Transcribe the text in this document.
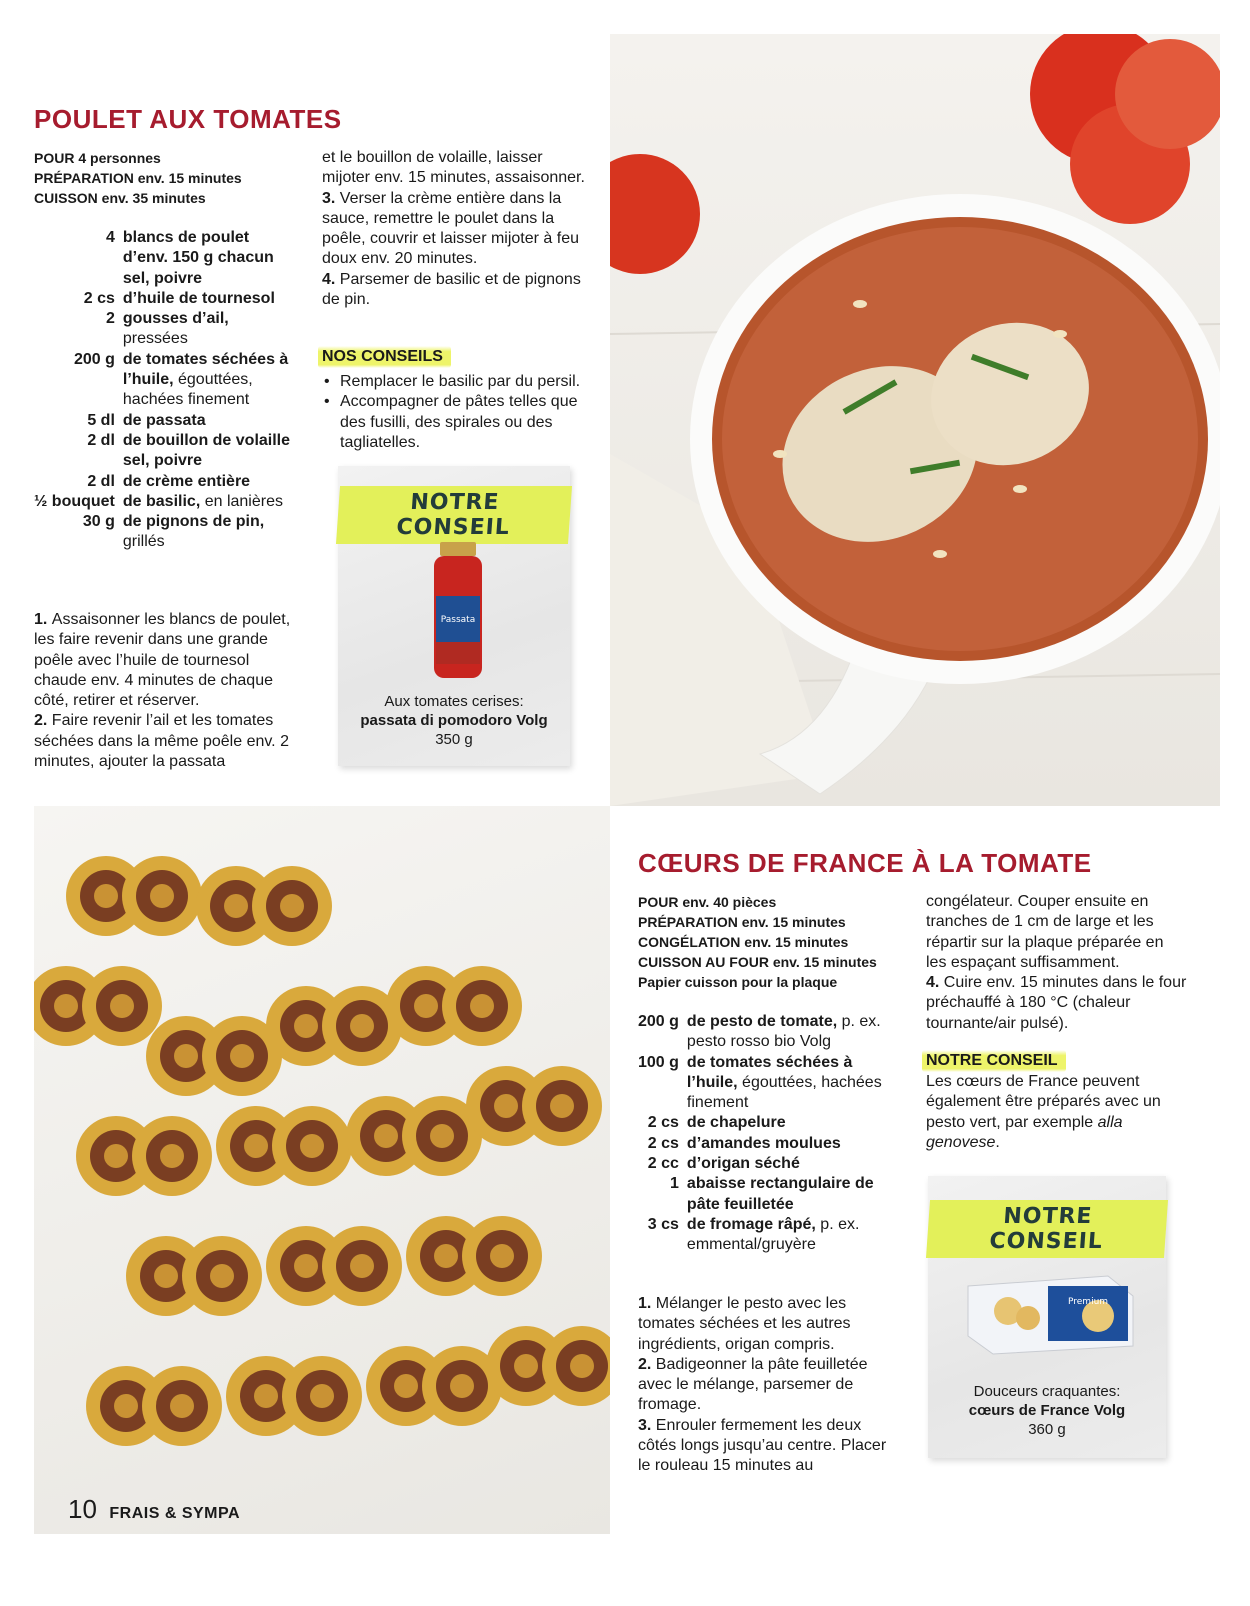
POULET AUX TOMATES
POUR 4 personnes
PRÉPARATION env. 15 minutes
CUISSON env. 35 minutes
4	blancs de poulet d’env. 150 g chacun
	sel, poivre
2 cs	d’huile de tournesol
2	gousses d’ail, pressées
200 g	de tomates séchées à l’huile, égouttées, hachées finement
5 dl	de passata
2 dl	de bouillon de volaille
	sel, poivre
2 dl	de crème entière
½ bouquet	de basilic, en lanières
30 g	de pignons de pin, grillés
1. Assaisonner les blancs de poulet, les faire revenir dans une grande poêle avec l’huile de tournesol chaude env. 4 minutes de chaque côté, retirer et réserver.
2. Faire revenir l’ail et les tomates séchées dans la même poêle env. 2 minutes, ajouter la passata
et le bouillon de volaille, laisser mijoter env. 15 minutes, assaisonner.
3. Verser la crème entière dans la sauce, remettre le poulet dans la poêle, couvrir et laisser mijoter à feu doux env. 20 minutes.
4. Parsemer de basilic et de pignons de pin.
NOS CONSEILS
• Remplacer le basilic par du persil.
• Accompagner de pâtes telles que des fusilli, des spirales ou des tagliatelles.
NOTRE CONSEIL
Passata
Aux tomates cerises:
passata di pomodoro Volg
350 g
CŒURS DE FRANCE À LA TOMATE
POUR env. 40 pièces
PRÉPARATION env. 15 minutes
CONGÉLATION env. 15 minutes
CUISSON AU FOUR env. 15 minutes
Papier cuisson pour la plaque
200 g	de pesto de tomate, p. ex. pesto rosso bio Volg
100 g	de tomates séchées à l’huile, égouttées, hachées finement
2 cs	de chapelure
2 cs	d’amandes moulues
2 cc	d’origan séché
1	abaisse rectangulaire de pâte feuilletée
3 cs	de fromage râpé, p. ex. emmental/gruyère
1. Mélanger le pesto avec les tomates séchées et les autres ingrédients, origan compris.
2. Badigeonner la pâte feuilletée avec le mélange, parsemer de fromage.
3. Enrouler fermement les deux côtés longs jusqu’au centre. Placer le rouleau 15 minutes au
congélateur. Couper ensuite en tranches de 1 cm de large et les répartir sur la plaque préparée en les espaçant suffisamment.
4. Cuire env. 15 minutes dans le four préchauffé à 180 °C (chaleur tournante/air pulsé).
NOTRE CONSEIL
Les cœurs de France peuvent également être préparés avec un pesto vert, par exemple alla genovese.
NOTRE CONSEIL
Premium
Douceurs craquantes:
cœurs de France Volg
360 g
10 FRAIS & SYMPA
